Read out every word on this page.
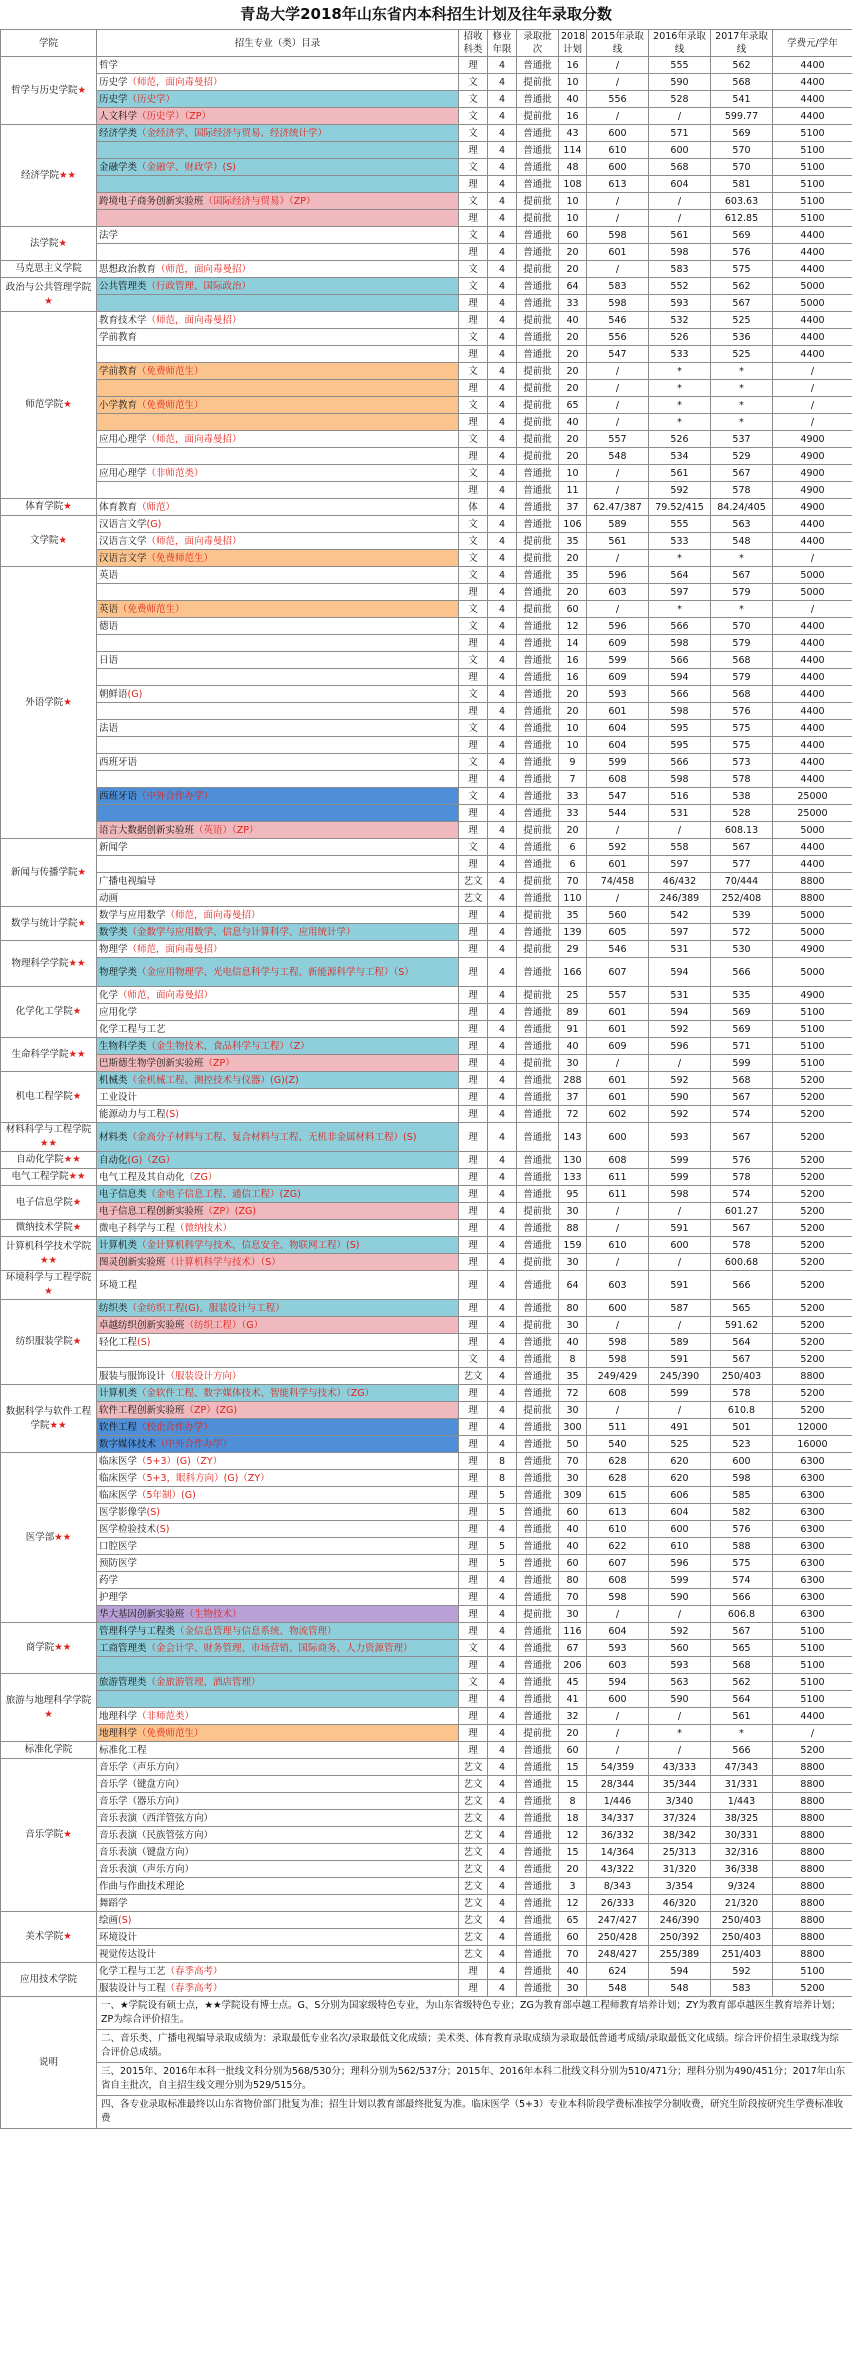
青岛大学2018年山东省内本科招生计划及往年录取分数
学院	招生专业（类）目录	招收科类	修业年限	录取批次	2018计划	2015年录取线	2016年录取线	2017年录取线	学费元/学年
哲学与历史学院★	哲学	理	4	普通批	16	/	555	562	4400
	历史学（师范，面向毒曼招）	文	4	提前批	10	/	590	568	4400
	历史学（历史学）	文	4	普通批	40	556	528	541	4400
	人文科学（历史学）（ZP）	文	4	提前批	16	/	/	599.77	4400
经济学院★★	经济学类（金经济学、国际经济与贸易、经济统计学）	文	4	普通批	43	600	571	569	5100
		理	4	普通批	114	610	600	570	5100
	金融学类（金融学、财政学）(S)	文	4	普通批	48	600	568	570	5100
		理	4	普通批	108	613	604	581	5100
	跨境电子商务创新实验班（国际经济与贸易）（ZP）	文	4	提前批	10	/	/	603.63	5100
		理	4	提前批	10	/	/	612.85	5100
法学院★	法学	文	4	普通批	60	598	561	569	4400
		理	4	普通批	20	601	598	576	4400
马克思主义学院	思想政治教育（师范，面向毒曼招）	文	4	提前批	20	/	583	575	4400
政治与公共管理学院★	公共管理类（行政管理、国际政治）	文	4	普通批	64	583	552	562	5000
		理	4	普通批	33	598	593	567	5000
师范学院★	教育技术学（师范，面向毒曼招）	理	4	提前批	40	546	532	525	4400
	学前教育	文	4	普通批	20	556	526	536	4400
		理	4	普通批	20	547	533	525	4400
	学前教育（免费师范生）	文	4	提前批	20	/	*	*	/
		理	4	提前批	20	/	*	*	/
	小学教育（免费师范生）	文	4	提前批	65	/	*	*	/
		理	4	提前批	40	/	*	*	/
	应用心理学（师范，面向毒曼招）	文	4	提前批	20	557	526	537	4900
		理	4	提前批	20	548	534	529	4900
	应用心理学（非师范类）	文	4	普通批	10	/	561	567	4900
		理	4	普通批	11	/	592	578	4900
体育学院★	体育教育（师范）	体	4	普通批	37	62.47/387	79.52/415	84.24/405	4900
文学院★	汉语言文学(G)	文	4	普通批	106	589	555	563	4400
	汉语言文学（师范，面向毒曼招）	文	4	提前批	35	561	533	548	4400
	汉语言文学（免费师范生）	文	4	提前批	20	/	*	*	/
外语学院★	英语	文	4	普通批	35	596	564	567	5000
		理	4	普通批	20	603	597	579	5000
	英语（免费师范生）	文	4	提前批	60	/	*	*	/
	德语	文	4	普通批	12	596	566	570	4400
		理	4	普通批	14	609	598	579	4400
	日语	文	4	普通批	16	599	566	568	4400
		理	4	普通批	16	609	594	579	4400
	朝鲜语(G)	文	4	普通批	20	593	566	568	4400
		理	4	普通批	20	601	598	576	4400
	法语	文	4	普通批	10	604	595	575	4400
		理	4	普通批	10	604	595	575	4400
	西班牙语	文	4	普通批	9	599	566	573	4400
		理	4	普通批	7	608	598	578	4400
	西班牙语（中外合作办学）	文	4	普通批	33	547	516	538	25000
		理	4	普通批	33	544	531	528	25000
	语言大数据创新实验班（英语）（ZP）	理	4	提前批	20	/	/	608.13	5000
新闻与传播学院★	新闻学	文	4	普通批	6	592	558	567	4400
		理	4	普通批	6	601	597	577	4400
	广播电视编导	艺文	4	提前批	70	74/458	46/432	70/444	8800
	动画	艺文	4	普通批	110	/	246/389	252/408	8800
数学与统计学院★	数学与应用数学（师范，面向毒曼招）	理	4	提前批	35	560	542	539	5000
	数学类（金数学与应用数学、信息与计算科学、应用统计学）	理	4	普通批	139	605	597	572	5000
物理科学学院★★	物理学（师范，面向毒曼招）	理	4	提前批	29	546	531	530	4900
	物理学类（金应用物理学、光电信息科学与工程、新能源科学与工程）（S）	理	4	普通批	166	607	594	566	5000
化学化工学院★	化学（师范，面向毒曼招）	理	4	提前批	25	557	531	535	4900
	应用化学	理	4	普通批	89	601	594	569	5100
	化学工程与工艺	理	4	普通批	91	601	592	569	5100
生命科学学院★★	生物科学类（金生物技术、食品科学与工程）（Z）	理	4	普通批	40	609	596	571	5100
	巴斯德生物学创新实验班（ZP）	理	4	提前批	30	/	/	599	5100
机电工程学院★	机械类（金机械工程、测控技术与仪器）(G)(Z)	理	4	普通批	288	601	592	568	5200
	工业设计	理	4	普通批	37	601	590	567	5200
	能源动力与工程(S)	理	4	普通批	72	602	592	574	5200
材料科学与工程学院★★	材料类（金高分子材料与工程、复合材料与工程、无机非金属材料工程）(S)	理	4	普通批	143	600	593	567	5200
自动化学院★★	自动化(G)（ZG）	理	4	普通批	130	608	599	576	5200
电气工程学院★★	电气工程及其自动化（ZG）	理	4	普通批	133	611	599	578	5200
电子信息学院★	电子信息类（金电子信息工程、通信工程）(ZG)	理	4	普通批	95	611	598	574	5200
	电子信息工程创新实验班（ZP）(ZG)	理	4	提前批	30	/	/	601.27	5200
微纳技术学院★	微电子科学与工程（微纳技术）	理	4	普通批	88	/	591	567	5200
计算机科学技术学院★★	计算机类（金计算机科学与技术、信息安全、物联网工程）(S)	理	4	普通批	159	610	600	578	5200
	图灵创新实验班（计算机科学与技术）（S）	理	4	提前批	30	/	/	600.68	5200
环境科学与工程学院★	环境工程	理	4	普通批	64	603	591	566	5200
纺织服装学院★	纺织类（金纺织工程(G)、服装设计与工程）	理	4	普通批	80	600	587	565	5200
	卓越纺织创新实验班（纺织工程）（G）	理	4	提前批	30	/	/	591.62	5200
	轻化工程(S)	理	4	普通批	40	598	589	564	5200
		文	4	普通批	8	598	591	567	5200
	服装与服饰设计（服装设计方向）	艺文	4	普通批	35	249/429	245/390	250/403	8800
数据科学与软件工程学院★★	计算机类（金软件工程、数字媒体技术、智能科学与技术）（ZG）	理	4	普通批	72	608	599	578	5200
	软件工程创新实验班（ZP）(ZG)	理	4	提前批	30	/	/	610.8	5200
	软件工程（校企合作办学）	理	4	普通批	300	511	491	501	12000
	数字媒体技术（中外合作办学）	理	4	普通批	50	540	525	523	16000
医学部★★	临床医学（5+3）(G)（ZY）	理	8	普通批	70	628	620	600	6300
	临床医学（5+3，眼科方向）(G)（ZY）	理	8	普通批	30	628	620	598	6300
	临床医学（5年制）(G)	理	5	普通批	309	615	606	585	6300
	医学影像学(S)	理	5	普通批	60	613	604	582	6300
	医学检验技术(S)	理	4	普通批	40	610	600	576	6300
	口腔医学	理	5	普通批	40	622	610	588	6300
	预防医学	理	5	普通批	60	607	596	575	6300
	药学	理	4	普通批	80	608	599	574	6300
	护理学	理	4	普通批	70	598	590	566	6300
	华大基因创新实验班（生物技术）	理	4	提前批	30	/	/	606.8	6300
商学院★★	管理科学与工程类（金信息管理与信息系统、物流管理）	理	4	普通批	116	604	592	567	5100
	工商管理类（金会计学、财务管理、市场营销、国际商务、人力资源管理）	文	4	普通批	67	593	560	565	5100
		理	4	普通批	206	603	593	568	5100
旅游与地理科学学院★	旅游管理类（金旅游管理、酒店管理）	文	4	普通批	45	594	563	562	5100
		理	4	普通批	41	600	590	564	5100
	地理科学（非师范类）	理	4	普通批	32	/	/	561	4400
	地理科学（免费师范生）	理	4	提前批	20	/	*	*	/
标准化学院	标准化工程	理	4	普通批	60	/	/	566	5200
音乐学院★	音乐学（声乐方向）	艺文	4	普通批	15	54/359	43/333	47/343	8800
	音乐学（键盘方向）	艺文	4	普通批	15	28/344	35/344	31/331	8800
	音乐学（器乐方向）	艺文	4	普通批	8	1/446	3/340	1/443	8800
	音乐表演（西洋管弦方向）	艺文	4	普通批	18	34/337	37/324	38/325	8800
	音乐表演（民族管弦方向）	艺文	4	普通批	12	36/332	38/342	30/331	8800
	音乐表演（键盘方向）	艺文	4	普通批	15	14/364	25/313	32/316	8800
	音乐表演（声乐方向）	艺文	4	普通批	20	43/322	31/320	36/338	8800
	作曲与作曲技术理论	艺文	4	普通批	3	8/343	3/354	9/324	8800
	舞蹈学	艺文	4	普通批	12	26/333	46/320	21/320	8800
美术学院★	绘画(S)	艺文	4	普通批	65	247/427	246/390	250/403	8800
	环境设计	艺文	4	普通批	60	250/428	250/392	250/403	8800
	视觉传达设计	艺文	4	普通批	70	248/427	255/389	251/403	8800
应用技术学院	化学工程与工艺（春季高考）	理	4	普通批	40	624	594	592	5100
	服装设计与工程（春季高考）	理	4	普通批	30	548	548	583	5200
说明	一、★学院设有硕士点，★★学院设有博士点。G、S分别为国家级特色专业，为山东省级特色专业；ZG为教育部卓越工程师教育培养计划；ZY为教育部卓越医生教育培养计划；ZP为综合评价招生。								
	二、音乐类、广播电视编导录取成绩为：录取最低专业名次/录取最低文化成绩；美术类、体育教育录取成绩为录取最低普通考成绩/录取最低文化成绩。综合评价招生录取线为综合评价总成绩。								
	三、2015年、2016年本科一批线文科分别为568/530分；理科分别为562/537分；2015年、2016年本科二批线文科分别为510/471分；理科分别为490/451分；2017年山东省自主批次，自主招生线文理分别为529/515分。								
	四、各专业录取标准最终以山东省物价部门批复为准；招生计划以教育部最终批复为准。临床医学（5+3）专业本科阶段学费标准按学分制收费，研究生阶段按研究生学费标准收费								
